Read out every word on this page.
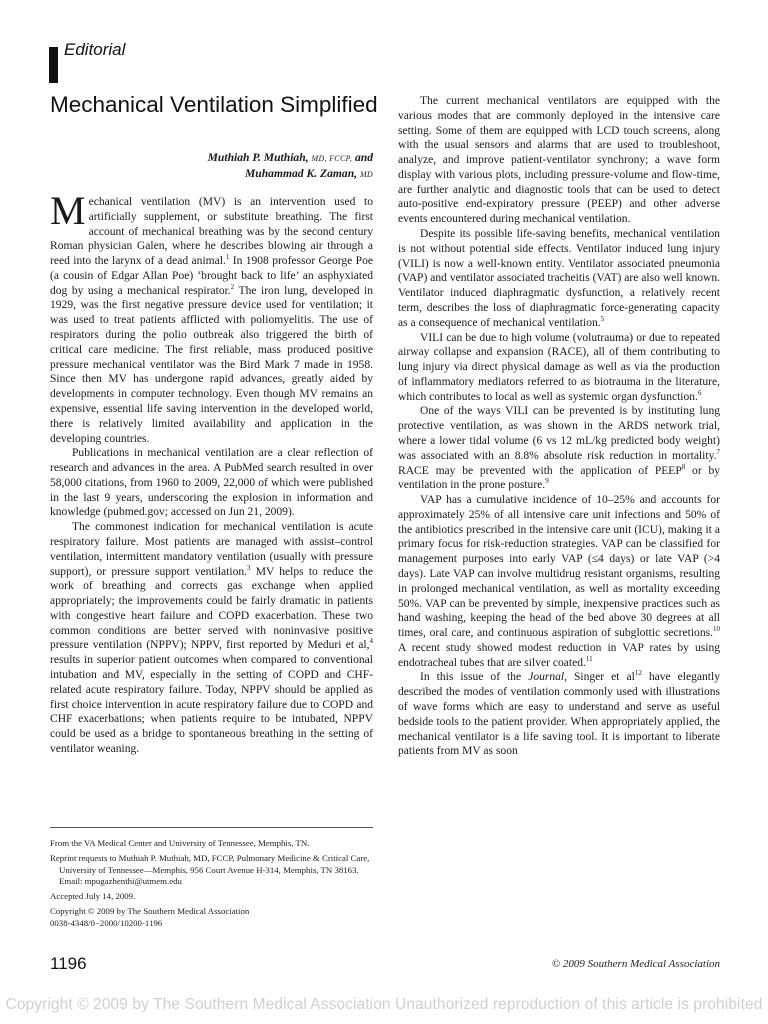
Editorial
Mechanical Ventilation Simplified
Muthiah P. Muthiah, MD, FCCP, and
Muhammad K. Zaman, MD

Mechanical ventilation (MV) is an intervention used to artificially supplement, or substitute breathing. The first account of mechanical breathing was by the second century Roman physician Galen, where he describes blowing air through a reed into the larynx of a dead animal.$^1$ In 1908 professor George Poe (a cousin of Edgar Allan Poe) ‘brought back to life’ an asphyxiated dog by using a mechanical respirator.$^2$ The iron lung, developed in 1929, was the first negative pressure device used for ventilation; it was used to treat patients afflicted with poliomyelitis. The use of respirators during the polio outbreak also triggered the birth of critical care medicine. The first reliable, mass produced positive pressure mechanical ventilator was the Bird Mark 7 made in 1958. Since then MV has undergone rapid advances, greatly aided by developments in computer technology. Even though MV remains an expensive, essential life saving intervention in the developed world, there is relatively limited availability and application in the developing countries.

Publications in mechanical ventilation are a clear reflection of research and advances in the area. A PubMed search resulted in over 58,000 citations, from 1960 to 2009, 22,000 of which were published in the last 9 years, underscoring the explosion in information and knowledge (pubmed.gov; accessed on Jun 21, 2009).

The commonest indication for mechanical ventilation is acute respiratory failure. Most patients are managed with assist–control ventilation, intermittent mandatory ventilation (usually with pressure support), or pressure support ventilation.$^3$ MV helps to reduce the work of breathing and corrects gas exchange when applied appropriately; the improvements could be fairly dramatic in patients with congestive heart failure and COPD exacerbation. These two common conditions are better served with noninvasive positive pressure ventilation (NPPV); NPPV, first reported by Meduri et al,$^4$ results in superior patient outcomes when compared to conventional intubation and MV, especially in the setting of COPD and CHF-related acute respiratory failure. Today, NPPV should be applied as first choice intervention in acute respiratory failure due to COPD and CHF exacerbations; when patients require to be intubated, NPPV could be used as a bridge to spontaneous breathing in the setting of ventilator weaning.

The current mechanical ventilators are equipped with the various modes that are commonly deployed in the intensive care setting. Some of them are equipped with LCD touch screens, along with the usual sensors and alarms that are used to troubleshoot, analyze, and improve patient-ventilator synchrony; a wave form display with various plots, including pressure-volume and flow-time, are further analytic and diagnostic tools that can be used to detect auto-positive end-expiratory pressure (PEEP) and other adverse events encountered during mechanical ventilation.

Despite its possible life-saving benefits, mechanical ventilation is not without potential side effects. Ventilator induced lung injury (VILI) is now a well-known entity. Ventilator associated pneumonia (VAP) and ventilator associated tracheitis (VAT) are also well known. Ventilator induced diaphragmatic dysfunction, a relatively recent term, describes the loss of diaphragmatic force-generating capacity as a consequence of mechanical ventilation.$^5$

VILI can be due to high volume (volutrauma) or due to repeated airway collapse and expansion (RACE), all of them contributing to lung injury via direct physical damage as well as via the production of inflammatory mediators referred to as biotrauma in the literature, which contributes to local as well as systemic organ dysfunction.$^6$

One of the ways VILI can be prevented is by instituting lung protective ventilation, as was shown in the ARDS network trial, where a lower tidal volume (6 vs 12 mL/kg predicted body weight) was associated with an 8.8% absolute risk reduction in mortality.$^7$ RACE may be prevented with the application of PEEP$^8$ or by ventilation in the prone posture.$^9$

VAP has a cumulative incidence of 10–25% and accounts for approximately 25% of all intensive care unit infections and 50% of the antibiotics prescribed in the intensive care unit (ICU), making it a primary focus for risk-reduction strategies. VAP can be classified for management purposes into early VAP (≤4 days) or late VAP (>4 days). Late VAP can involve multidrug resistant organisms, resulting in prolonged mechanical ventilation, as well as mortality exceeding 50%. VAP can be prevented by simple, inexpensive practices such as hand washing, keeping the head of the bed above 30 degrees at all times, oral care, and continuous aspiration of subglottic secretions.$^{10}$ A recent study showed modest reduction in VAP rates by using endotracheal tubes that are silver coated.$^{11}$

In this issue of the Journal, Singer et $al^{12}$ have elegantly described the modes of ventilation commonly used with illustrations of wave forms which are easy to understand and serve as useful bedside tools to the patient provider. When appropriately applied, the mechanical ventilator is a life saving tool. It is important to liberate patients from MV as soon

From the VA Medical Center and University of Tennessee, Memphis, TN.
Reprint requests to Muthiah P. Muthiah, MD, FCCP, Pulmonary Medicine & Critical Care, University of Tennessee—Memphis, 956 Court Avenue H-314, Memphis, TN 38163. Email: mpugazhenthi@utmem.edu
Accepted July 14, 2009.
Copyright © 2009 by The Southern Medical Association
0038-4348/0−2000/10200-1196
1196	© 2009 Southern Medical Association
Copyright © 2009 by The Southern Medical Association Unauthorized reproduction of this article is prohibited
